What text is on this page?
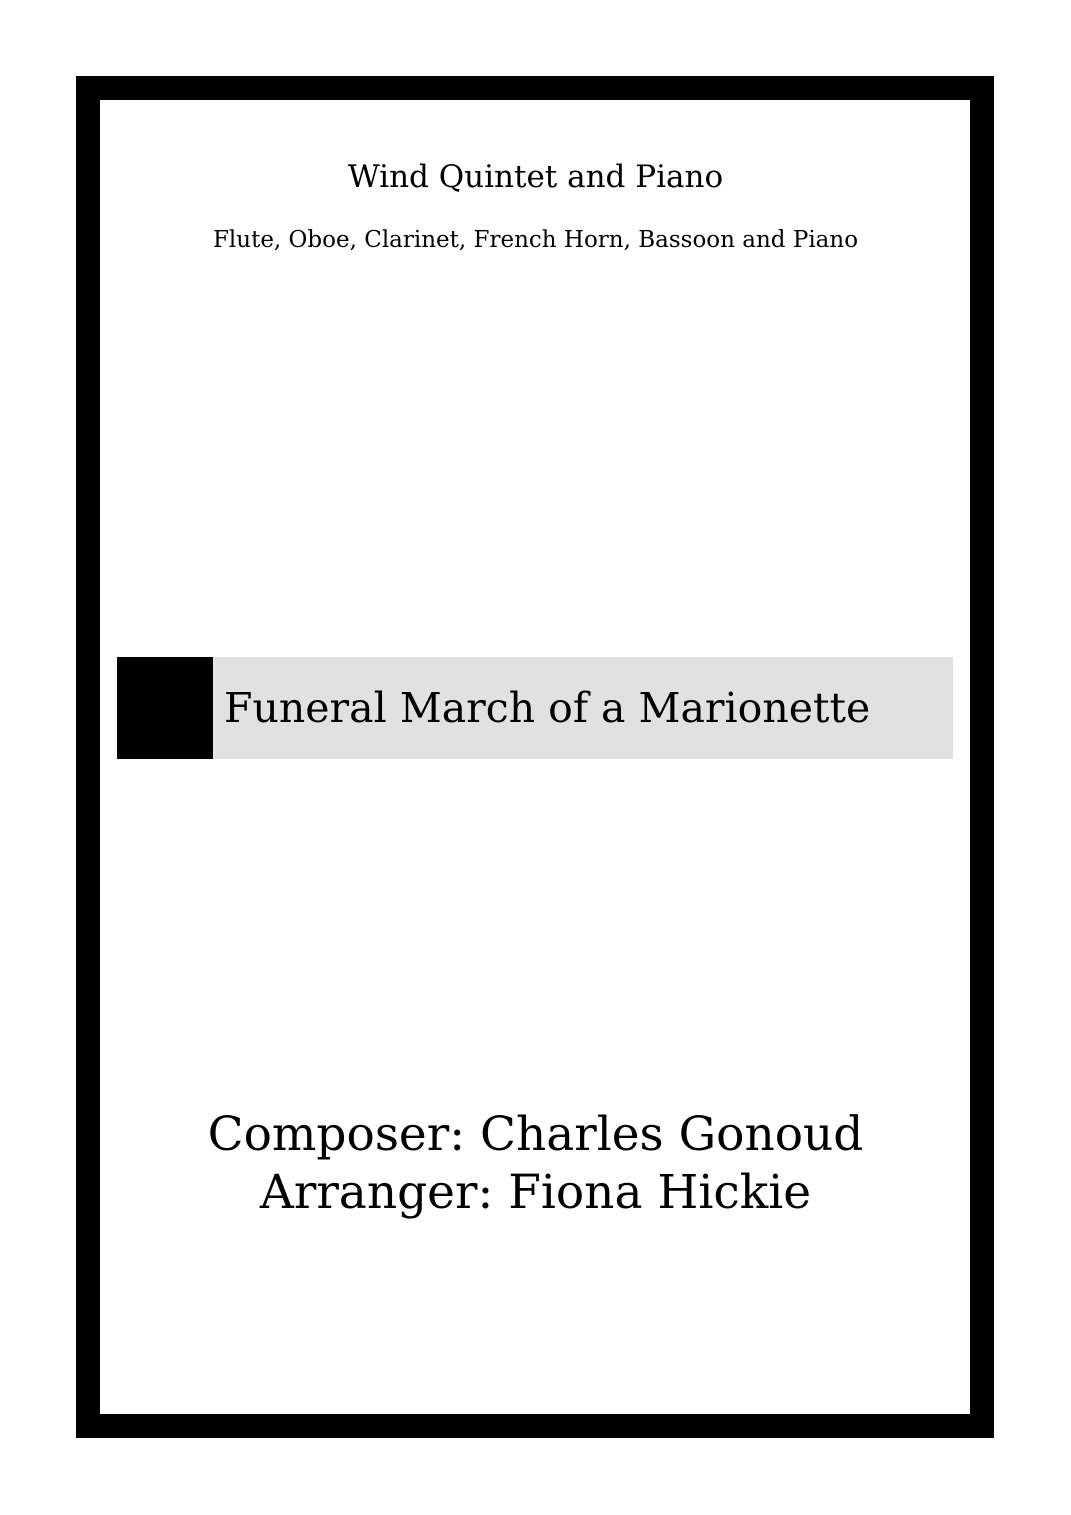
Wind Quintet and Piano
Flute, Oboe, Clarinet, French Horn, Bassoon and Piano
Funeral March of a Marionette
Composer: Charles Gonoud
Arranger: Fiona Hickie
